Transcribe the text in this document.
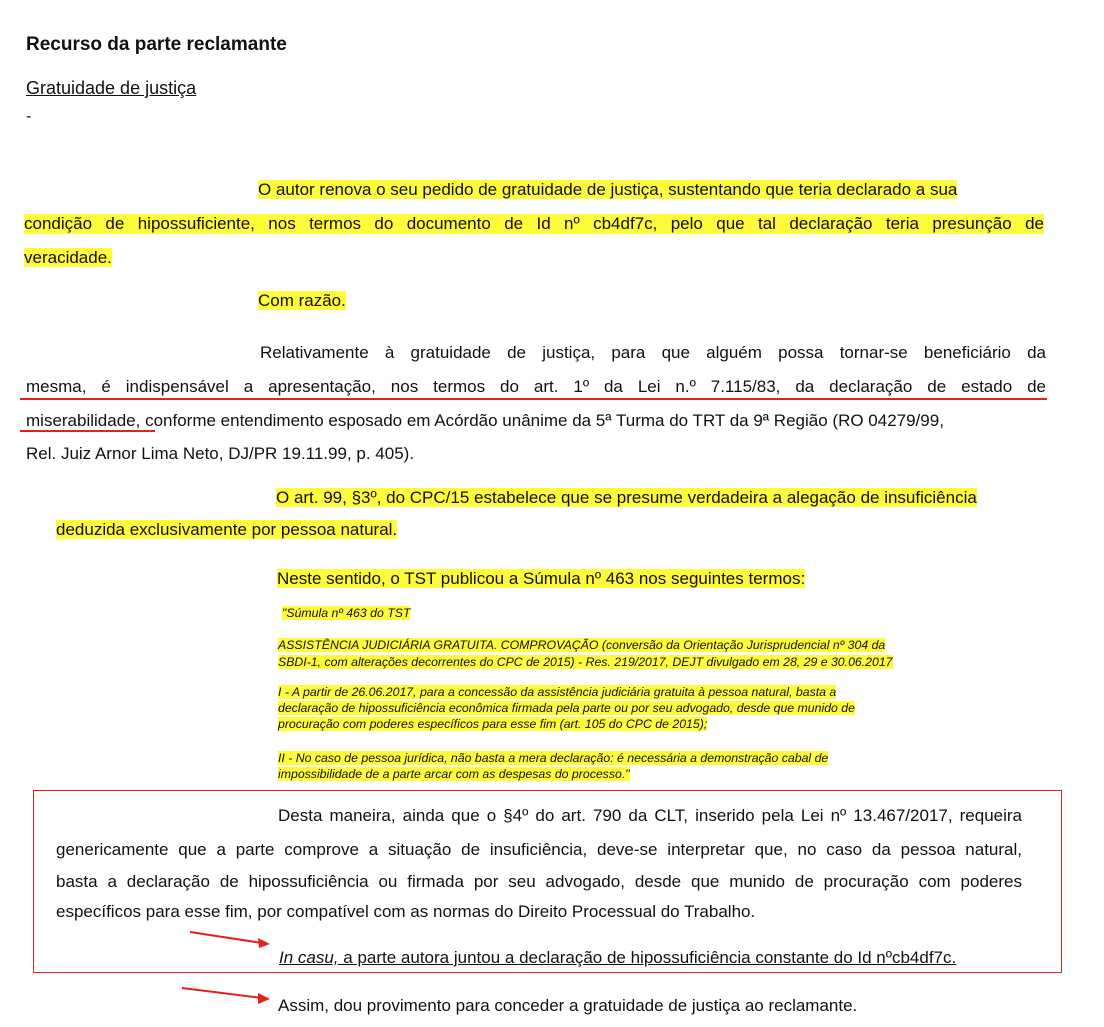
Recurso da parte reclamante
Gratuidade de justiça
-
O autor renova o seu pedido de gratuidade de justiça, sustentando que teria declarado a sua
condição de hipossuficiente, nos termos do documento de Id nº cb4df7c, pelo que tal declaração teria presunção de
veracidade.
Com razão.
Relativamente à gratuidade de justiça, para que alguém possa tornar-se beneficiário da
mesma, é indispensável a apresentação, nos termos do art. 1º da Lei n.º 7.115/83, da declaração de estado de
miserabilidade, conforme entendimento esposado em Acórdão unânime da 5ª Turma do TRT da 9ª Região (RO 04279/99,
Rel. Juiz Arnor Lima Neto, DJ/PR 19.11.99, p. 405).
O art. 99, §3º, do CPC/15 estabelece que se presume verdadeira a alegação de insuficiência
deduzida exclusivamente por pessoa natural.
Neste sentido, o TST publicou a Súmula nº 463 nos seguintes termos:
"Súmula nº 463 do TST
ASSISTÊNCIA JUDICIÁRIA GRATUITA. COMPROVAÇÃO (conversão da Orientação Jurisprudencial nº 304 da
SBDI-1, com alterações decorrentes do CPC de 2015) - Res. 219/2017, DEJT divulgado em 28, 29 e 30.06.2017
I - A partir de 26.06.2017, para a concessão da assistência judiciária gratuita à pessoa natural, basta a
declaração de hipossuficiência econômica firmada pela parte ou por seu advogado, desde que munido de
procuração com poderes específicos para esse fim (art. 105 do CPC de 2015);
II - No caso de pessoa jurídica, não basta a mera declaração: é necessária a demonstração cabal de
impossibilidade de a parte arcar com as despesas do processo."
Desta maneira, ainda que o §4º do art. 790 da CLT, inserido pela Lei nº 13.467/2017, requeira
genericamente que a parte comprove a situação de insuficiência, deve-se interpretar que, no caso da pessoa natural,
basta a declaração de hipossuficiência ou firmada por seu advogado, desde que munido de procuração com poderes
específicos para esse fim, por compatível com as normas do Direito Processual do Trabalho.
In casu, a parte autora juntou a declaração de hipossuficiência constante do Id nºcb4df7c.
Assim, dou provimento para conceder a gratuidade de justiça ao reclamante.
